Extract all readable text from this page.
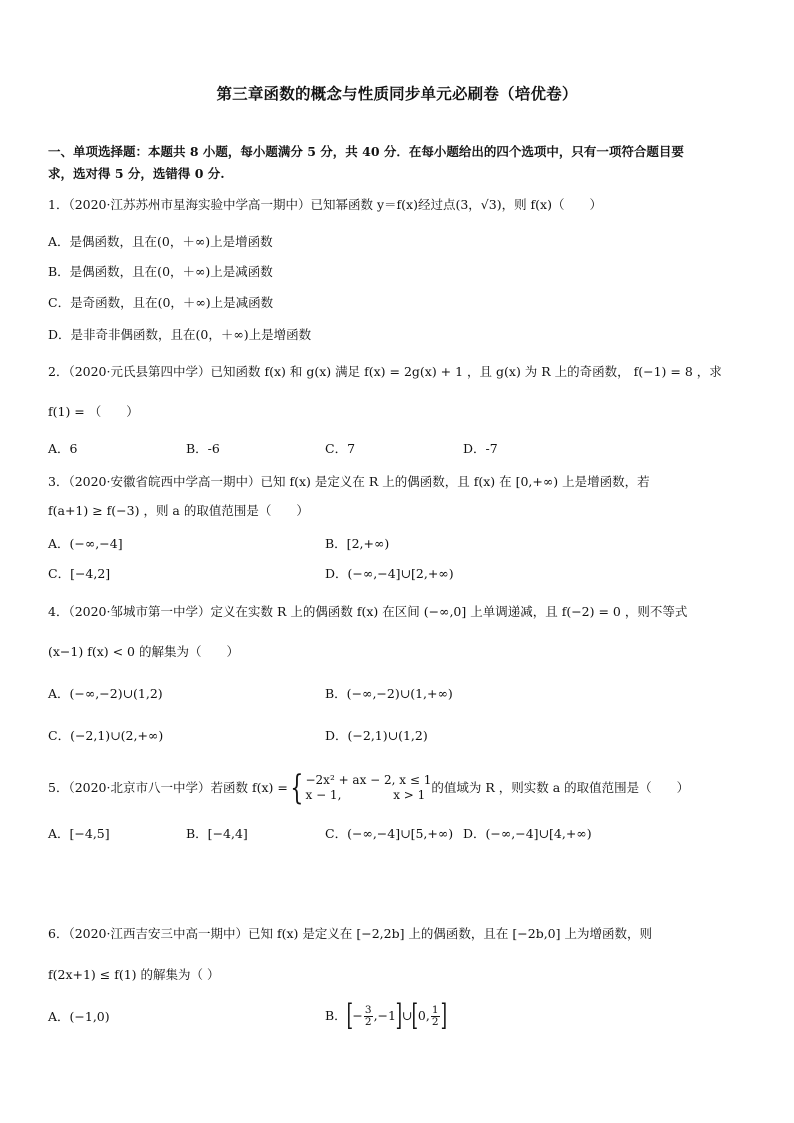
第三章函数的概念与性质同步单元必刷卷（培优卷）
一、单项选择题：本题共 8 小题，每小题满分 5 分，共 40 分．在每小题给出的四个选项中，只有一项符合题目要
求，选对得 5 分，选错得 0 分.
1．（2020·江苏苏州市星海实验中学高一期中）已知幂函数 y＝f(x)经过点(3，√3)，则 f(x)（　　）
A．是偶函数，且在(0，＋∞)上是增函数
B．是偶函数，且在(0，＋∞)上是减函数
C．是奇函数，且在(0，＋∞)上是减函数
D．是非奇非偶函数，且在(0，＋∞)上是增函数
2．（2020·元氏县第四中学）已知函数 f(x) 和 g(x) 满足 f(x) = 2g(x) + 1 ，且 g(x) 为 R 上的奇函数， f(−1) = 8 ，求
f(1) = （　　）
A．6	B．-6	C．7	D．-7
3．（2020·安徽省皖西中学高一期中）已知 f(x) 是定义在 R 上的偶函数，且 f(x) 在 [0,+∞) 上是增函数，若
f(a+1) ≥ f(−3) ，则 a 的取值范围是（　　）
A．(−∞,−4]	B．[2,+∞)
C．[−4,2]	D．(−∞,−4]∪[2,+∞)
4．（2020·邹城市第一中学）定义在实数 R 上的偶函数 f(x) 在区间 (−∞,0] 上单调递减，且 f(−2) = 0 ，则不等式
(x−1) f(x) < 0 的解集为（　　）
A．(−∞,−2)∪(1,2)	B．(−∞,−2)∪(1,+∞)
C．(−2,1)∪(2,+∞)	D．(−2,1)∪(1,2)
5．（2020·北京市八一中学）若函数 f(x) = { −2x² + ax − 2, x ≤ 1
x − 1,　　　　 x > 1 的值域为 R ，则实数 a 的取值范围是（　　）
A．[−4,5]	B．[−4,4]	C．(−∞,−4]∪[5,+∞) D．(−∞,−4]∪[4,+∞)
6．（2020·江西吉安三中高一期中）已知 f(x) 是定义在 [−2,2b] 上的偶函数，且在 [−2b,0] 上为增函数，则
f(2x+1) ≤ f(1) 的解集为（ ）
A．(−1,0)	B． [ − $\frac{3}{2} ,-1$ ] ∪ [ 0, $\frac{1}{2}$ ]
